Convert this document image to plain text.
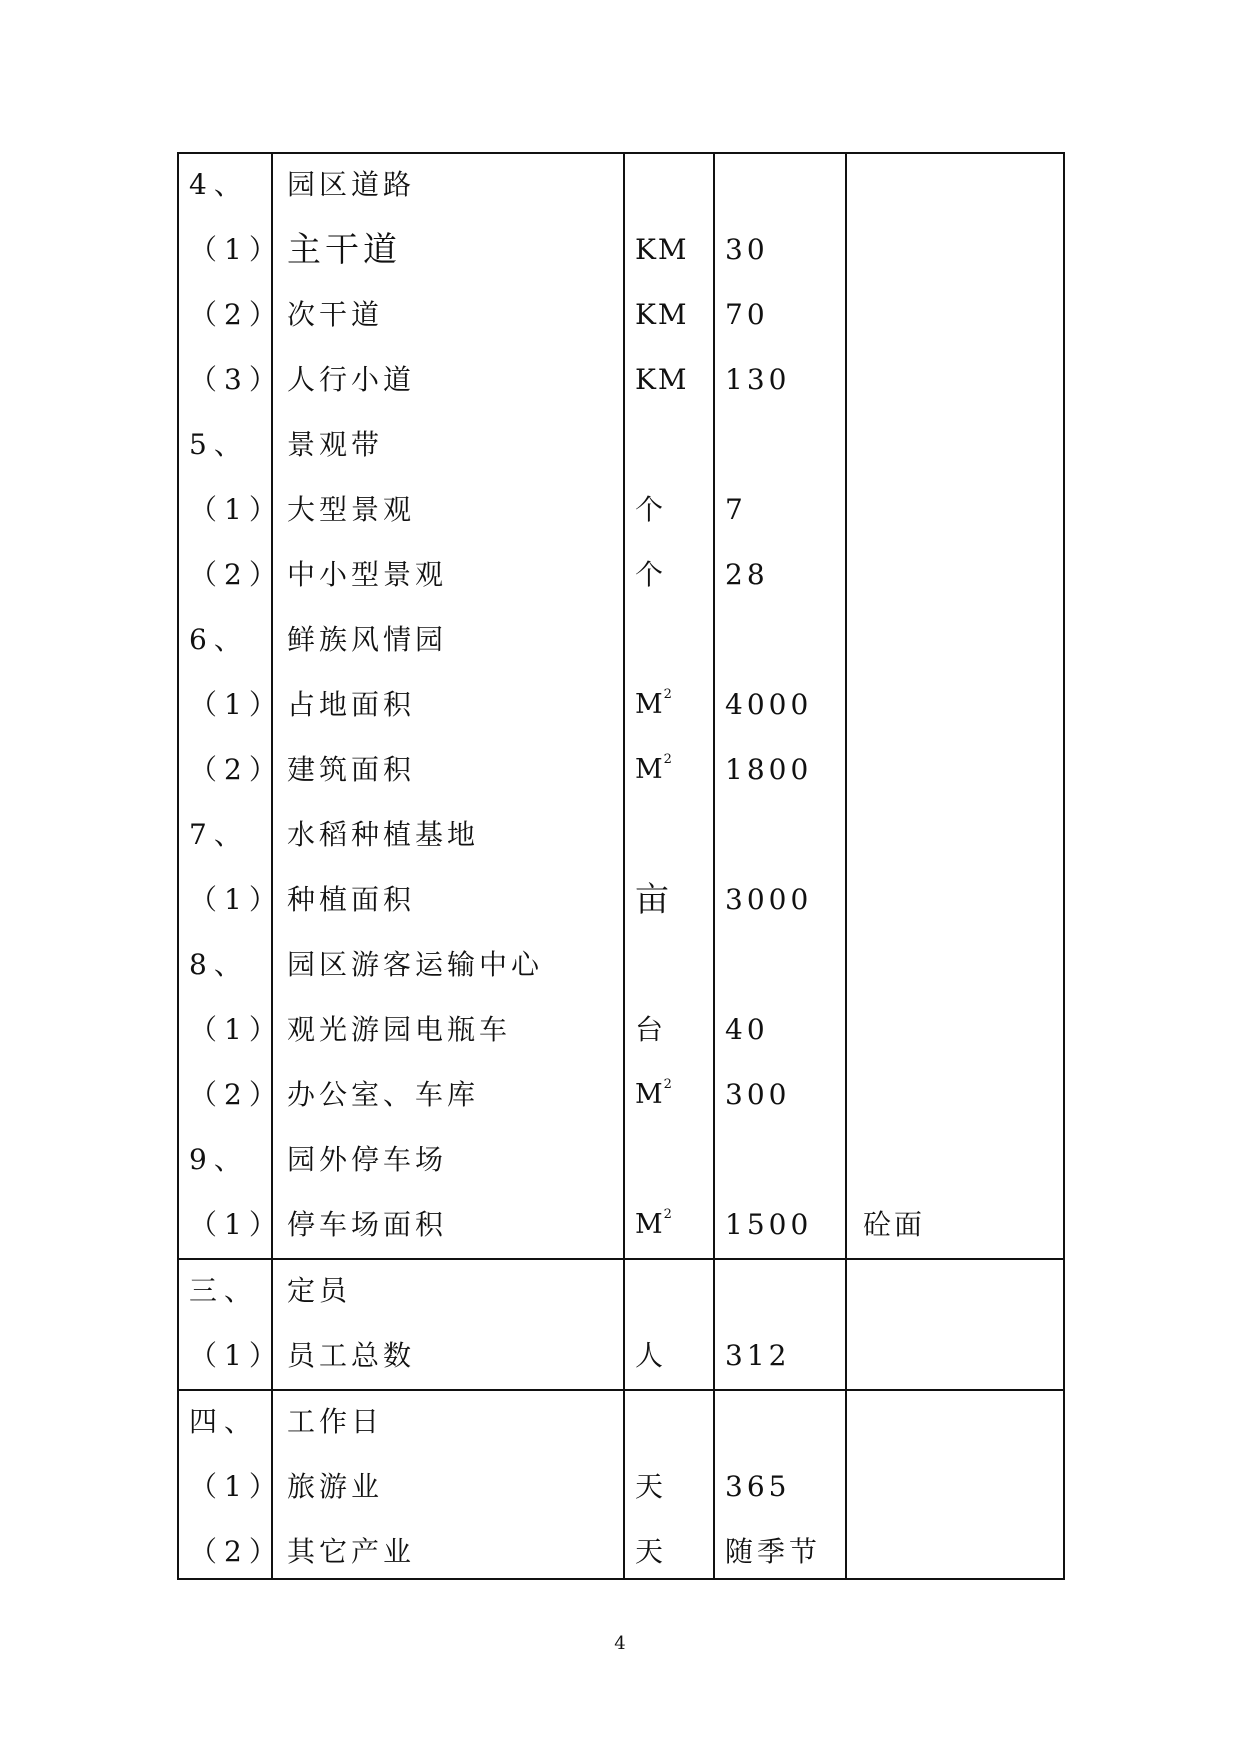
4、	园区道路
（1） 主干道	KM	30
（2） 次干道	KM	70
（3） 人行小道	KM	130
5、	景观带
（1） 大型景观	个	7
（2） 中小型景观	个	28
6、	鲜族风情园
（1） 占地面积	M 2 4000
（2） 建筑面积	M 2 1800
7、	水稻种植基地
（1） 种植面积	亩	3000
8、	园区游客运输中心
（1） 观光游园电瓶车	台	40
（2） 办公室、车库	M 2 300
9、	园外停车场
（1） 停车场面积	M 2 1500	砼面
三、 定员
（1） 员工总数	人	312
四、 工作日
（1） 旅游业	天	365
（2） 其它产业	天	随季节
4
